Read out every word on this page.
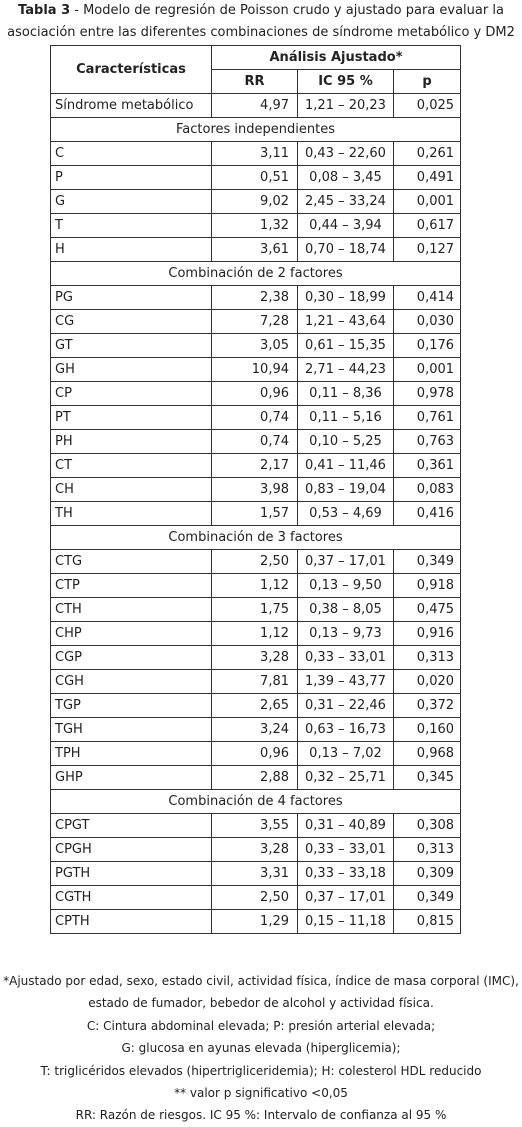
Tabla 3 - Modelo de regresión de Poisson crudo y ajustado para evaluar la
asociación entre las diferentes combinaciones de síndrome metabólico y DM2
Características	Análisis Ajustado*		
	RR	IC 95 %	p
Síndrome metabólico	4,97	1,21 – 20,23	0,025
Factores independientes			
C	3,11	0,43 – 22,60	0,261
P	0,51	0,08 – 3,45	0,491
G	9,02	2,45 – 33,24	0,001
T	1,32	0,44 – 3,94	0,617
H	3,61	0,70 – 18,74	0,127
Combinación de 2 factores			
PG	2,38	0,30 – 18,99	0,414
CG	7,28	1,21 – 43,64	0,030
GT	3,05	0,61 – 15,35	0,176
GH	10,94	2,71 – 44,23	0,001
CP	0,96	0,11 – 8,36	0,978
PT	0,74	0,11 – 5,16	0,761
PH	0,74	0,10 – 5,25	0,763
CT	2,17	0,41 – 11,46	0,361
CH	3,98	0,83 – 19,04	0,083
TH	1,57	0,53 – 4,69	0,416
Combinación de 3 factores			
CTG	2,50	0,37 – 17,01	0,349
CTP	1,12	0,13 – 9,50	0,918
CTH	1,75	0,38 – 8,05	0,475
CHP	1,12	0,13 – 9,73	0,916
CGP	3,28	0,33 – 33,01	0,313
CGH	7,81	1,39 – 43,77	0,020
TGP	2,65	0,31 – 22,46	0,372
TGH	3,24	0,63 – 16,73	0,160
TPH	0,96	0,13 – 7,02	0,968
GHP	2,88	0,32 – 25,71	0,345
Combinación de 4 factores			
CPGT	3,55	0,31 – 40,89	0,308
CPGH	3,28	0,33 – 33,01	0,313
PGTH	3,31	0,33 – 33,18	0,309
CGTH	2,50	0,37 – 17,01	0,349
CPTH	1,29	0,15 – 11,18	0,815
*Ajustado por edad, sexo, estado civil, actividad física, índice de masa corporal (IMC),
estado de fumador, bebedor de alcohol y actividad física.
C: Cintura abdominal elevada; P: presión arterial elevada;
G: glucosa en ayunas elevada (hiperglicemia);
T: triglicéridos elevados (hipertrigliceridemia); H: colesterol HDL reducido
** valor p significativo <0,05
RR: Razón de riesgos. IC 95 %: Intervalo de confianza al 95 %
